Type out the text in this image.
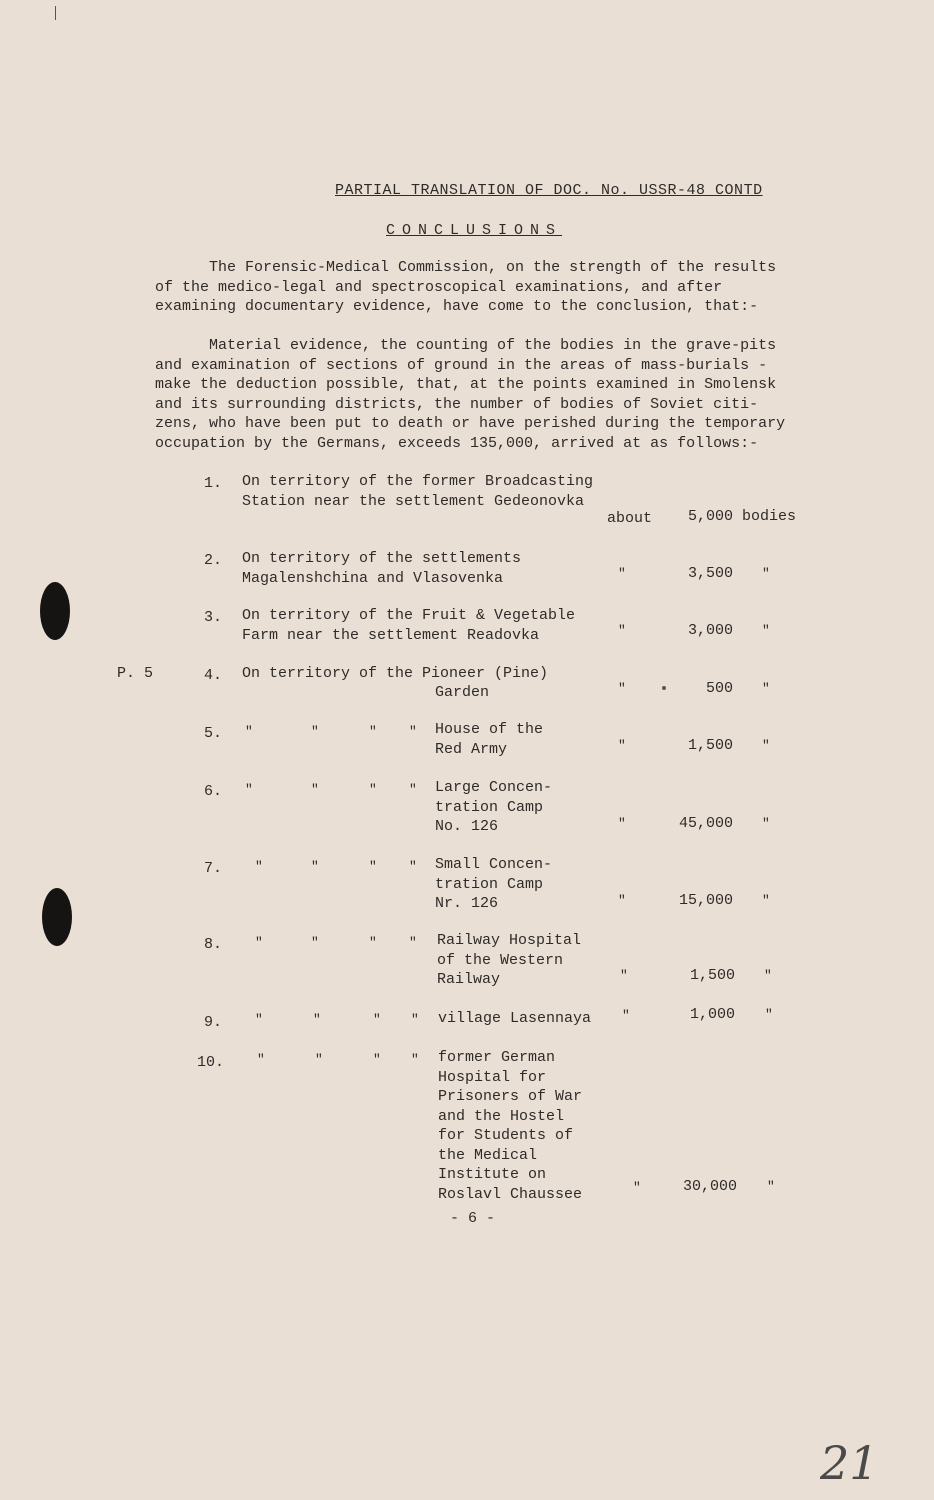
PARTIAL TRANSLATION OF DOC. No. USSR-48 CONTD
CONCLUSIONS
The Forensic-Medical Commission, on the strength of the results
of the medico-legal and spectroscopical examinations, and after
examining documentary evidence, have come to the conclusion, that:-
Material evidence, the counting of the bodies in the grave-pits
and examination of sections of ground in the areas of mass-burials -
make the deduction possible, that, at the points examined in Smolensk
and its surrounding districts, the number of bodies of Soviet citi-
zens, who have been put to death or have perished during the temporary
occupation by the Germans, exceeds 135,000, arrived at as follows:-
P. 5
1. On territory of the former Broadcasting
Station near the settlement Gedeonovka
about	5,000 bodies
2. On territory of the settlements
Magalenshchina and Vlasovenka	"	3,500 "
3. On territory of the Fruit & Vegetable
Farm near the settlement Readovka	"	3,000 "
4. On territory of the Pioneer (Pine)
Garden	"	500 "
5. "	"	" " House of the
Red Army	"	1,500 "
6. "	"	" " Large Concen-
tration Camp
No. 126	"	45,000 "
7.	"	"	" " Small Concen-
tration Camp
Nr. 126	"	15,000 "
8.	"	"	" " Railway Hospital
of the Western
Railway	"	1,500 "
9.	"	"	" " village Lasennaya "	1,000 "
10.	"	"	" " former German
Hospital for
Prisoners of War
and the Hostel
for Students of
the Medical
Institute on
Roslavl Chaussee	"	30,000 "
- 6 -
21
